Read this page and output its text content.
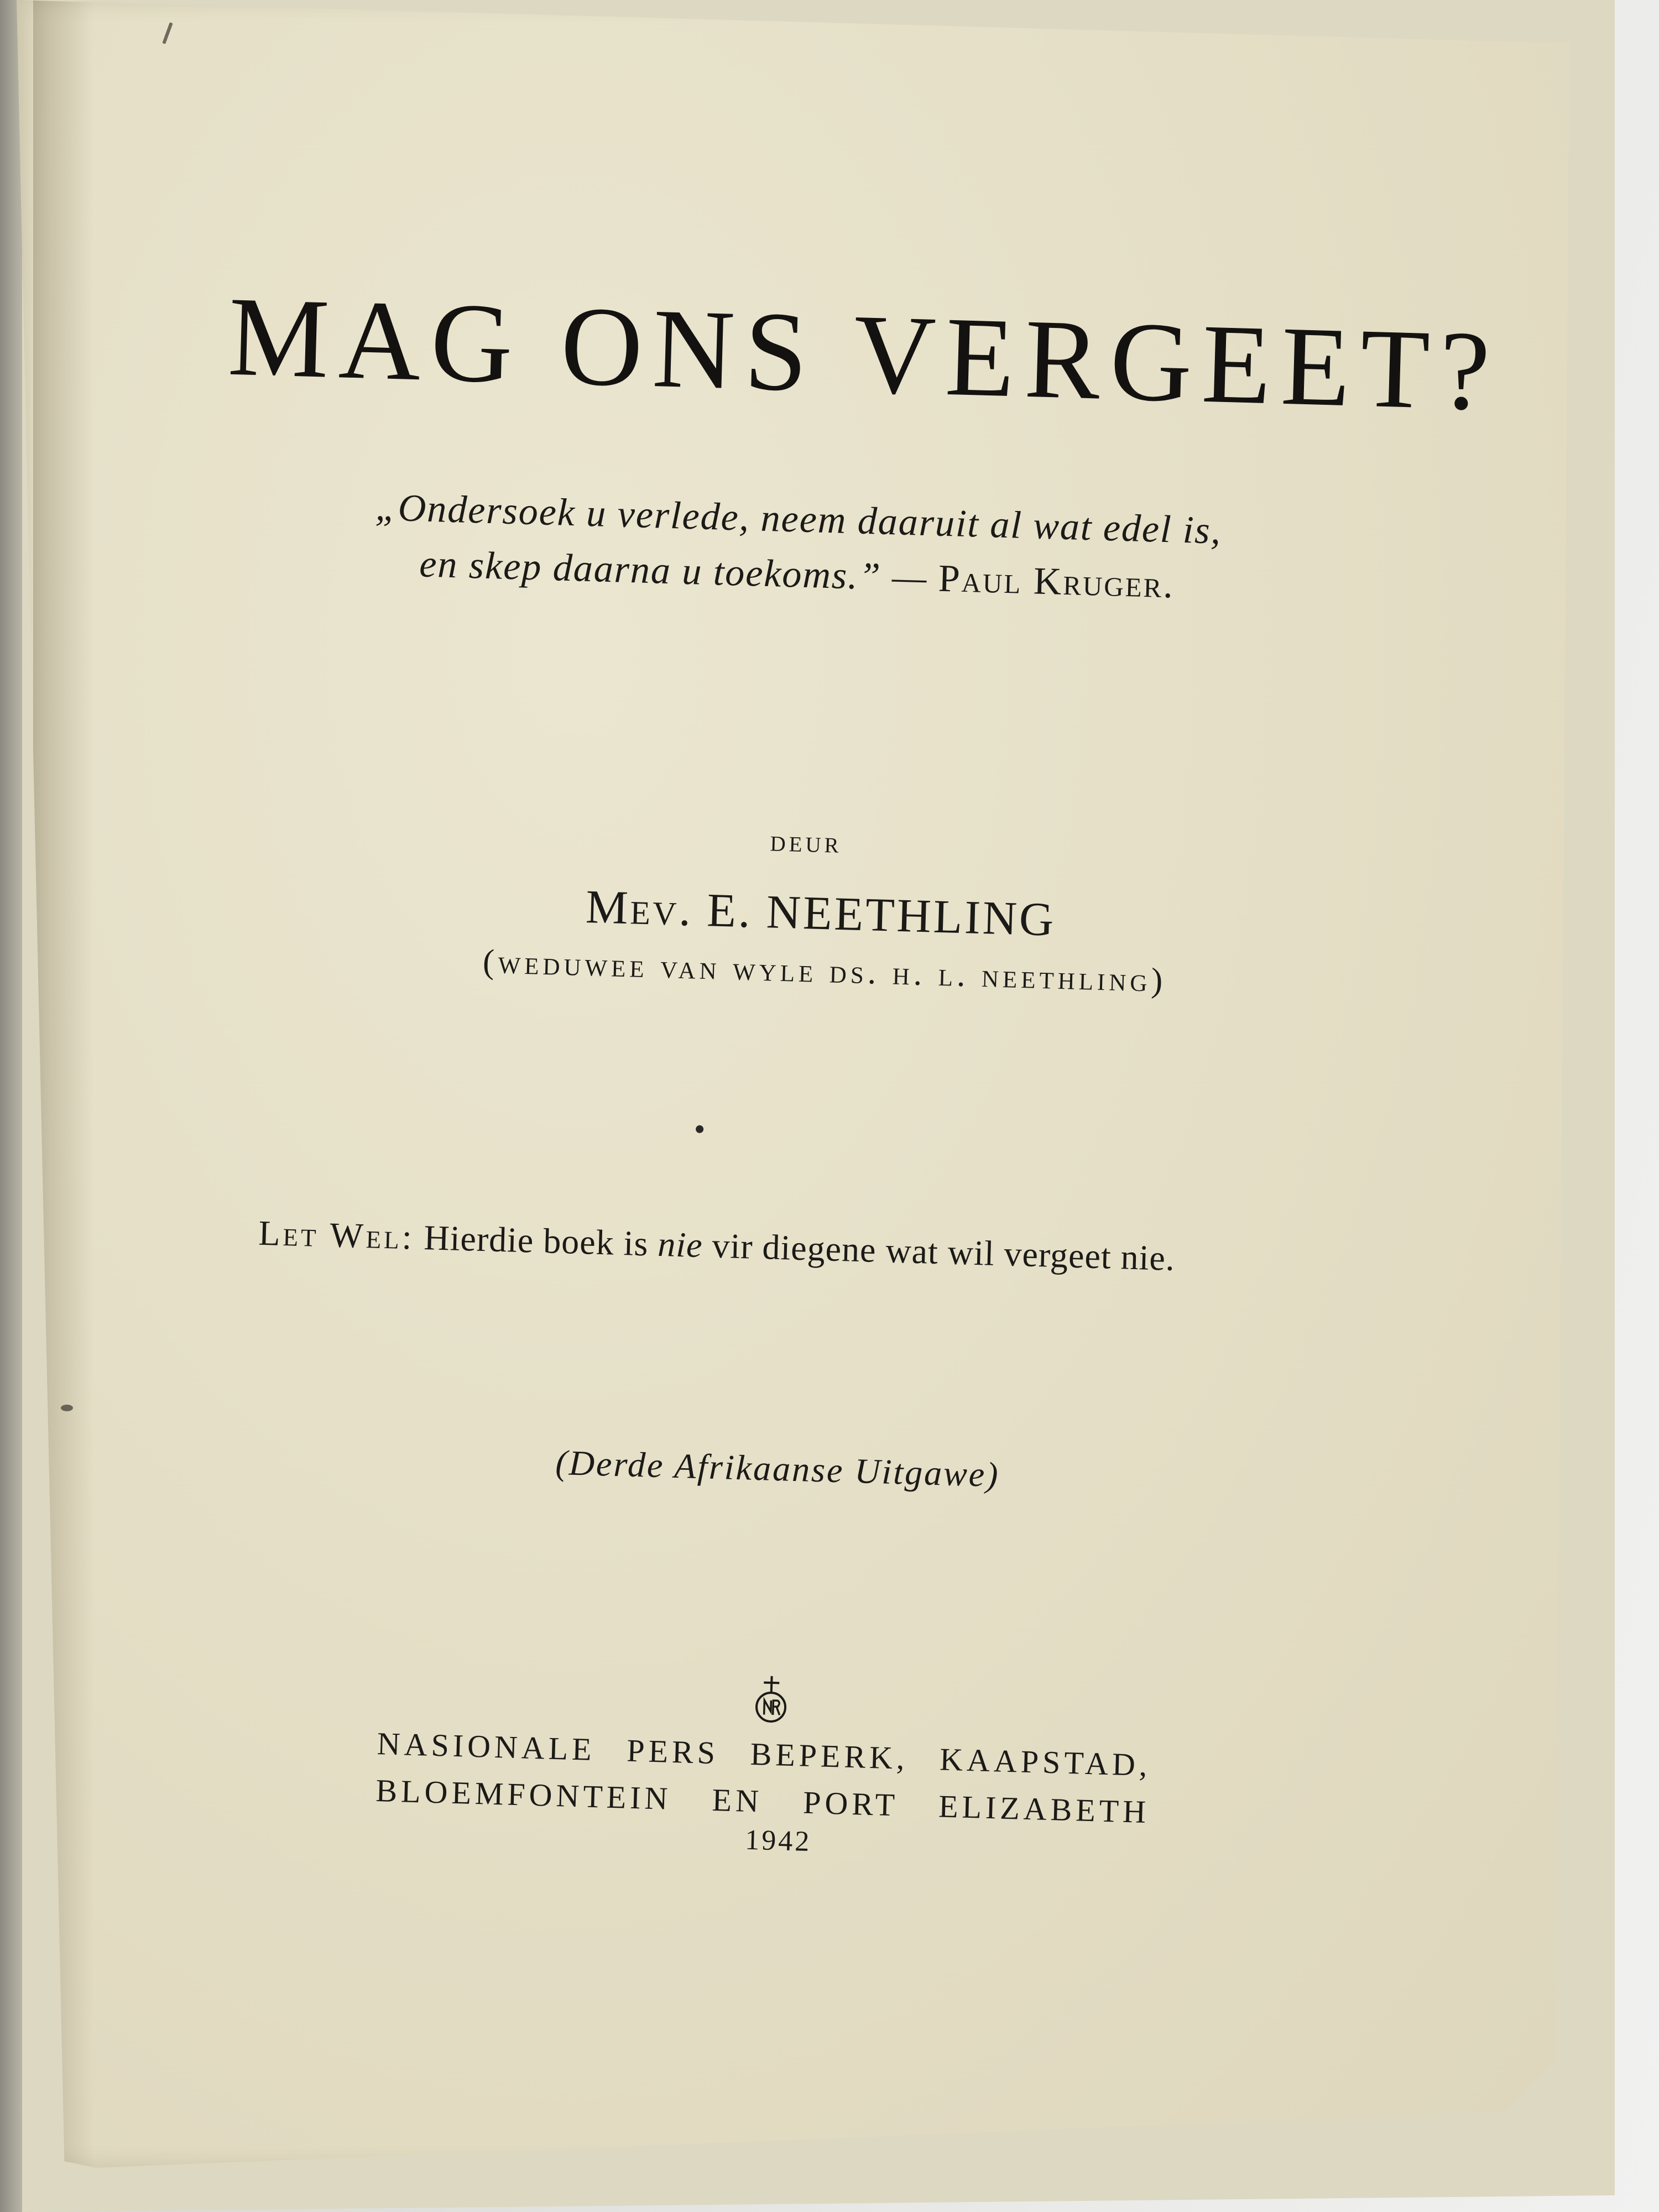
MAG ONS VERGEET?
„Ondersoek u verlede, neem daaruit al wat edel is,
en skep daarna u toekoms.” — Paul Kruger.
deur
Mev. E. NEETHLING
(weduwee van wyle ds. h. l. neethling)
Let Wel: Hierdie boek is nie vir diegene wat wil vergeet nie.
(Derde Afrikaanse Uitgawe)
NASIONALE PERS BEPERK, KAAPSTAD,
BLOEMFONTEIN EN PORT ELIZABETH
1942
